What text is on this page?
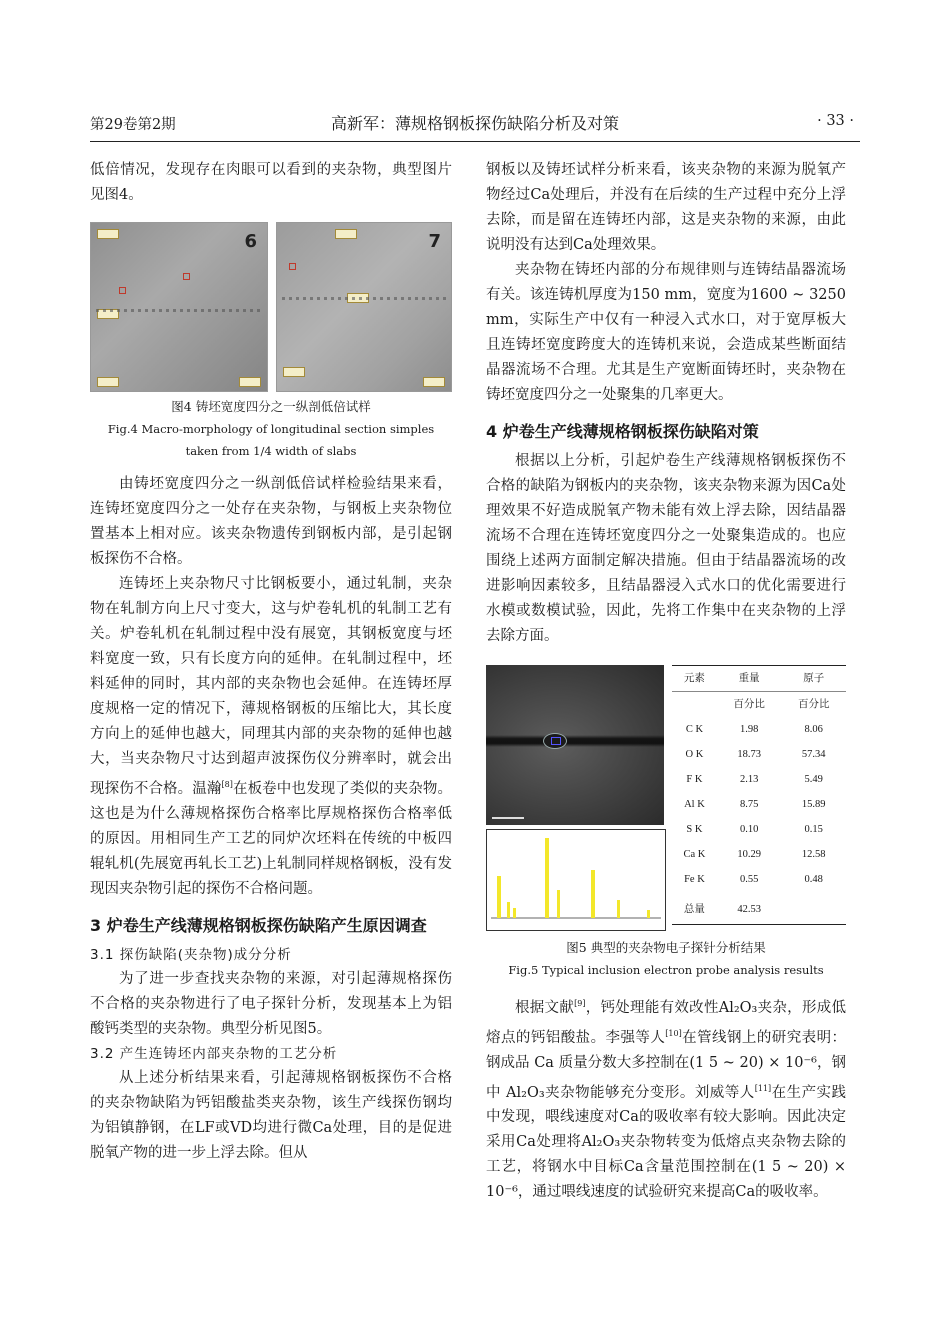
第29卷第2期	高新军：薄规格钢板探伤缺陷分析及对策	· 33 ·

低倍情况，发现存在肉眼可以看到的夹杂物，典型图片见图4。

6	7
图4 铸坯宽度四分之一纵剖低倍试样
Fig.4 Macro-morphology of longitudinal section simples taken from 1/4 width of slabs

由铸坯宽度四分之一纵剖低倍试样检验结果来看，连铸坯宽度四分之一处存在夹杂物，与钢板上夹杂物位置基本上相对应。该夹杂物遗传到钢板内部，是引起钢板探伤不合格。

连铸坯上夹杂物尺寸比钢板要小，通过轧制，夹杂物在轧制方向上尺寸变大，这与炉卷轧机的轧制工艺有关。炉卷轧机在轧制过程中没有展宽，其钢板宽度与坯料宽度一致，只有长度方向的延伸。在轧制过程中，坯料延伸的同时，其内部的夹杂物也会延伸。在连铸坯厚度规格一定的情况下，薄规格钢板的压缩比大，其长度方向上的延伸也越大，同理其内部的夹杂物的延伸也越大，当夹杂物尺寸达到超声波探伤仪分辨率时，就会出现探伤不合格。温瀚[8]在板卷中也发现了类似的夹杂物。这也是为什么薄规格探伤合格率比厚规格探伤合格率低的原因。用相同生产工艺的同炉次坯料在传统的中板四辊轧机(先展宽再轧长工艺)上轧制同样规格钢板，没有发现因夹杂物引起的探伤不合格问题。

3 炉卷生产线薄规格钢板探伤缺陷产生原因调查
3.1 探伤缺陷(夹杂物)成分分析

为了进一步查找夹杂物的来源，对引起薄规格探伤不合格的夹杂物进行了电子探针分析，发现基本上为铝酸钙类型的夹杂物。典型分析见图5。

3.2 产生连铸坯内部夹杂物的工艺分析

从上述分析结果来看，引起薄规格钢板探伤不合格的夹杂物缺陷为钙铝酸盐类夹杂物，该生产线探伤钢均为铝镇静钢，在LF或VD均进行微Ca处理，目的是促进脱氧产物的进一步上浮去除。但从

钢板以及铸坯试样分析来看，该夹杂物的来源为脱氧产物经过Ca处理后，并没有在后续的生产过程中充分上浮去除，而是留在连铸坯内部，这是夹杂物的来源，由此说明没有达到Ca处理效果。

夹杂物在铸坯内部的分布规律则与连铸结晶器流场有关。该连铸机厚度为150 mm，宽度为1600 ~ 3250 mm，实际生产中仅有一种浸入式水口，对于宽厚板大且连铸坯宽度跨度大的连铸机来说，会造成某些断面结晶器流场不合理。尤其是生产宽断面铸坯时，夹杂物在铸坯宽度四分之一处聚集的几率更大。

4 炉卷生产线薄规格钢板探伤缺陷对策

根据以上分析，引起炉卷生产线薄规格钢板探伤不合格的缺陷为钢板内的夹杂物，该夹杂物来源为因Ca处理效果不好造成脱氧产物未能有效上浮去除，因结晶器流场不合理在连铸坯宽度四分之一处聚集造成的。也应围绕上述两方面制定解决措施。但由于结晶器流场的改进影响因素较多，且结晶器浸入式水口的优化需要进行水模或数模试验，因此，先将工作集中在夹杂物的上浮去除方面。

元素	重量	原子
	百分比	百分比
C K	1.98	8.06
O K	18.73	57.34
F K	2.13	5.49
Al K	8.75	15.89
S K	0.10	0.15
Ca K	10.29	12.58
Fe K	0.55	0.48
总量	42.53	
图5 典型的夹杂物电子探针分析结果
Fig.5 Typical inclusion electron probe analysis results

根据文献[9]，钙处理能有效改性Al₂O₃夹杂，形成低熔点的钙铝酸盐。李强等人[10]在管线钢上的研究表明：钢成品 Ca 质量分数大多控制在(1 5 ~ 20) × 10⁻⁶，钢中 Al₂O₃夹杂物能够充分变形。刘威等人[11]在生产实践中发现，喂线速度对Ca的吸收率有较大影响。因此决定采用Ca处理将Al₂O₃夹杂物转变为低熔点夹杂物去除的工艺，将钢水中目标Ca含量范围控制在(1 5 ~ 20) × 10⁻⁶，通过喂线速度的试验研究来提高Ca的吸收率。
